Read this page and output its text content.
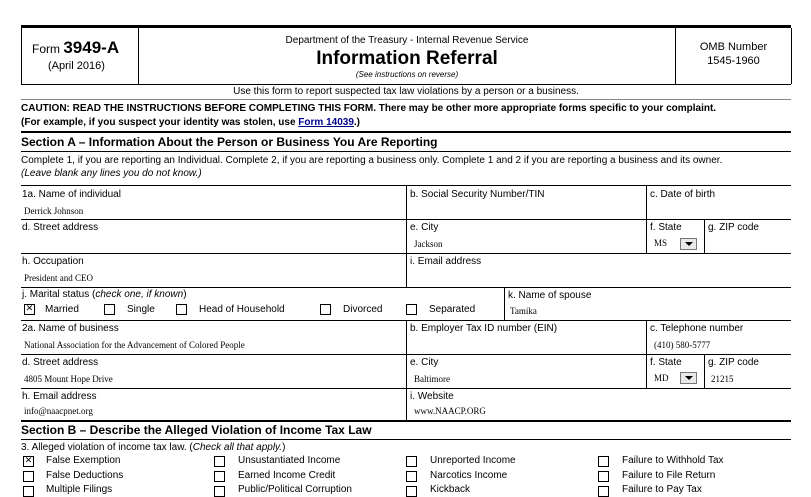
Form 3949-A
(April 2016)
Department of the Treasury - Internal Revenue Service
Information Referral
(See instructions on reverse)
OMB Number
1545-1960
Use this form to report suspected tax law violations by a person or a business.
CAUTION: READ THE INSTRUCTIONS BEFORE COMPLETING THIS FORM. There may be other more appropriate forms specific to your complaint.
(For example, if you suspect your identity was stolen, use Form 14039.)
Section A – Information About the Person or Business You Are Reporting
Complete 1, if you are reporting an Individual. Complete 2, if you are reporting a business only. Complete 1 and 2 if you are reporting a business and its owner.
(Leave blank any lines you do not know.)
1a. Name of individual
Derrick Johnson
b. Social Security Number/TIN	c. Date of birth
d. Street address	e. City
Jackson
f. State
MS
g. ZIP code
h. Occupation
President and CEO
i. Email address
j. Marital status (check one, if known)
✕ Married	Single	Head of Household	Divorced	Separated
k. Name of spouse
Tamika
2a. Name of business
National Association for the Advancement of Colored People
b. Employer Tax ID number (EIN)	c. Telephone number
(410) 580-5777
d. Street address
4805 Mount Hope Drive
e. City
Baltimore
f. State
MD
g. ZIP code
21215
h. Email address
info@naacpnet.org
i. Website
www.NAACP.ORG
Section B – Describe the Alleged Violation of Income Tax Law
3. Alleged violation of income tax law. (Check all that apply.)
✕ False Exemption	Unsustantiated Income	Unreported Income	Failure to Withhold Tax
False Deductions	Earned Income Credit	Narcotics Income	Failure to File Return
Multiple Filings	Public/Political Corruption	Kickback	Failure to Pay Tax
